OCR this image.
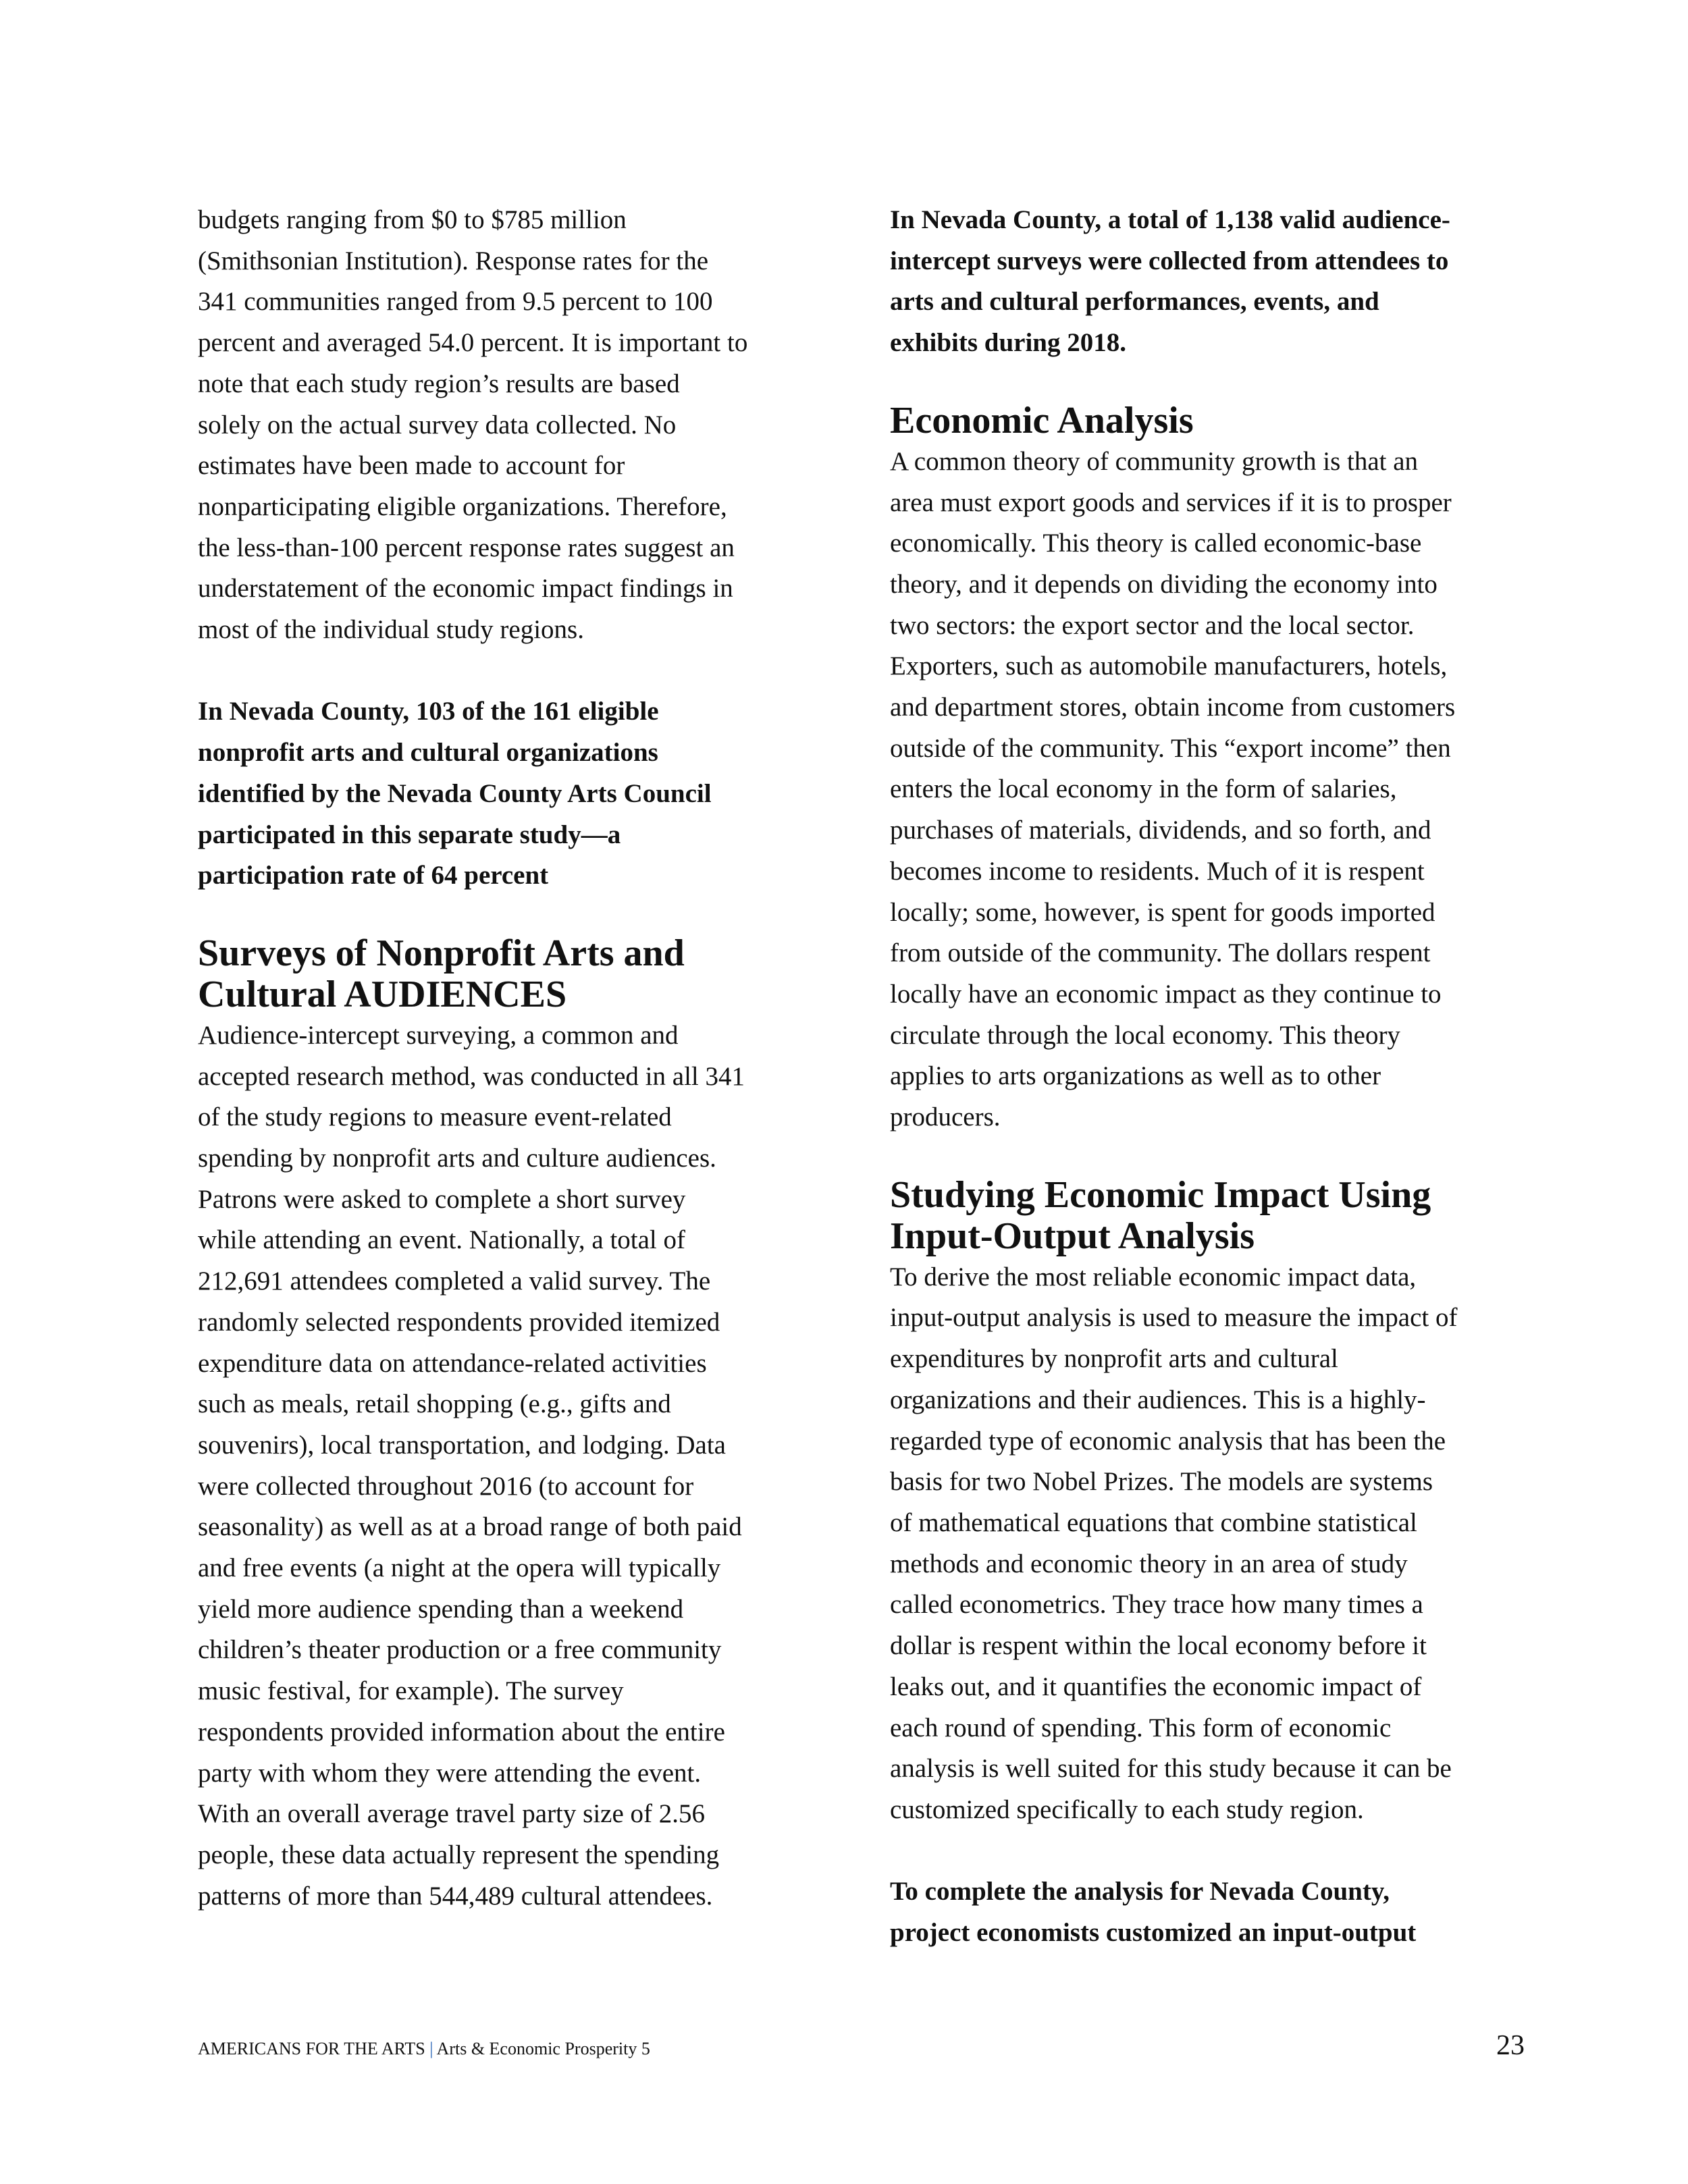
budgets ranging from $0 to $785 million
(Smithsonian Institution). Response rates for the
341 communities ranged from 9.5 percent to 100
percent and averaged 54.0 percent. It is important to
note that each study region’s results are based
solely on the actual survey data collected. No
estimates have been made to account for
nonparticipating eligible organizations. Therefore,
the less-than-100 percent response rates suggest an
understatement of the economic impact findings in
most of the individual study regions.

In Nevada County, 103 of the 161 eligible
nonprofit arts and cultural organizations
identified by the Nevada County Arts Council
participated in this separate study—a
participation rate of 64 percent

Surveys of Nonprofit Arts and
Cultural AUDIENCES

Audience-intercept surveying, a common and
accepted research method, was conducted in all 341
of the study regions to measure event-related
spending by nonprofit arts and culture audiences.
Patrons were asked to complete a short survey
while attending an event. Nationally, a total of
212,691 attendees completed a valid survey. The
randomly selected respondents provided itemized
expenditure data on attendance-related activities
such as meals, retail shopping (e.g., gifts and
souvenirs), local transportation, and lodging. Data
were collected throughout 2016 (to account for
seasonality) as well as at a broad range of both paid
and free events (a night at the opera will typically
yield more audience spending than a weekend
children’s theater production or a free community
music festival, for example). The survey
respondents provided information about the entire
party with whom they were attending the event.
With an overall average travel party size of 2.56
people, these data actually represent the spending
patterns of more than 544,489 cultural attendees.

In Nevada County, a total of 1,138 valid audience-
intercept surveys were collected from attendees to
arts and cultural performances, events, and
exhibits during 2018.

Economic Analysis

A common theory of community growth is that an
area must export goods and services if it is to prosper
economically. This theory is called economic-base
theory, and it depends on dividing the economy into
two sectors: the export sector and the local sector.
Exporters, such as automobile manufacturers, hotels,
and department stores, obtain income from customers
outside of the community. This “export income” then
enters the local economy in the form of salaries,
purchases of materials, dividends, and so forth, and
becomes income to residents. Much of it is respent
locally; some, however, is spent for goods imported
from outside of the community. The dollars respent
locally have an economic impact as they continue to
circulate through the local economy. This theory
applies to arts organizations as well as to other
producers.

Studying Economic Impact Using
Input-Output Analysis

To derive the most reliable economic impact data,
input-output analysis is used to measure the impact of
expenditures by nonprofit arts and cultural
organizations and their audiences. This is a highly-
regarded type of economic analysis that has been the
basis for two Nobel Prizes. The models are systems
of mathematical equations that combine statistical
methods and economic theory in an area of study
called econometrics. They trace how many times a
dollar is respent within the local economy before it
leaks out, and it quantifies the economic impact of
each round of spending. This form of economic
analysis is well suited for this study because it can be
customized specifically to each study region.

To complete the analysis for Nevada County,
project economists customized an input-output

AMERICANS FOR THE ARTS | Arts & Economic Prosperity 5	23
